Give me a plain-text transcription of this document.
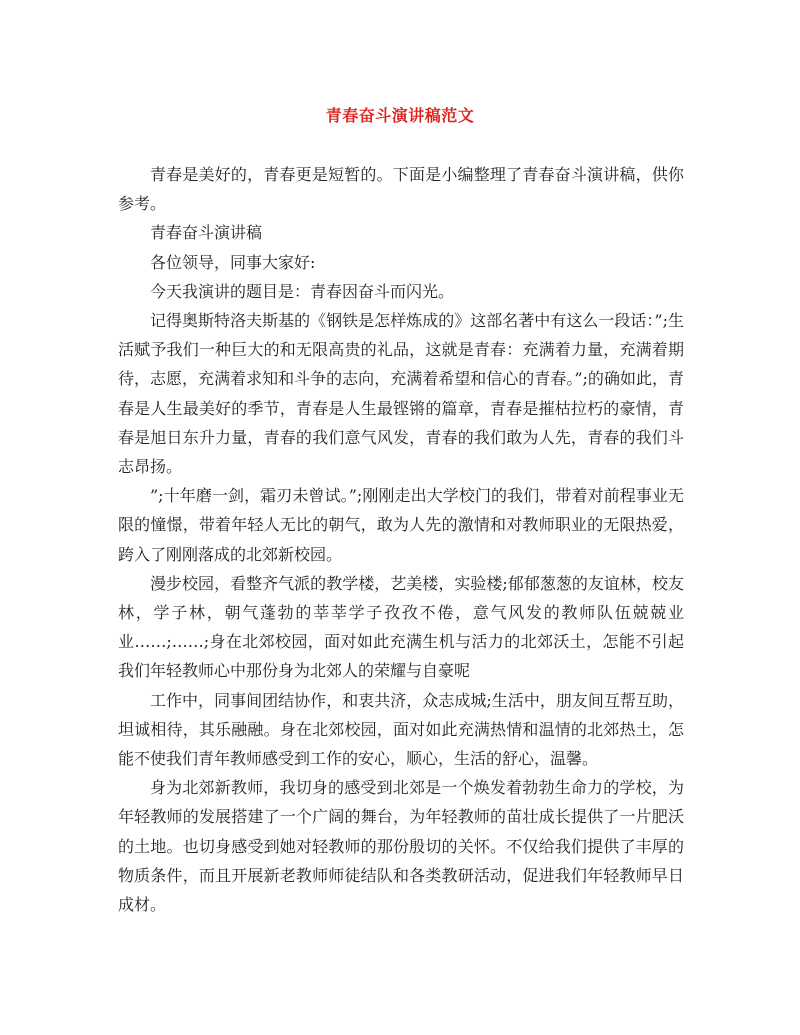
青春奋斗演讲稿范文

青春是美好的，青春更是短暂的。下面是小编整理了青春奋斗演讲稿，供你参考。

青春奋斗演讲稿

各位领导，同事大家好:

今天我演讲的题目是：青春因奋斗而闪光。

记得奥斯特洛夫斯基的《钢铁是怎样炼成的》这部名著中有这么一段话：”;生活赋予我们一种巨大的和无限高贵的礼品，这就是青春：充满着力量，充满着期待，志愿，充满着求知和斗争的志向，充满着希望和信心的青春。”;的确如此，青春是人生最美好的季节，青春是人生最铿锵的篇章，青春是摧枯拉朽的豪情，青春是旭日东升力量，青春的我们意气风发，青春的我们敢为人先，青春的我们斗志昂扬。

”;十年磨一剑，霜刃未曾试。”;刚刚走出大学校门的我们，带着对前程事业无限的憧憬，带着年轻人无比的朝气，敢为人先的激情和对教师职业的无限热爱，跨入了刚刚落成的北郊新校园。

漫步校园，看整齐气派的教学楼，艺美楼，实验楼;郁郁葱葱的友谊林，校友林，学子林，朝气蓬勃的莘莘学子孜孜不倦，意气风发的教师队伍兢兢业业……;……;身在北郊校园，面对如此充满生机与活力的北郊沃土，怎能不引起我们年轻教师心中那份身为北郊人的荣耀与自豪呢

工作中，同事间团结协作，和衷共济，众志成城;生活中，朋友间互帮互助，坦诚相待，其乐融融。身在北郊校园，面对如此充满热情和温情的北郊热土，怎能不使我们青年教师感受到工作的安心，顺心，生活的舒心，温馨。

身为北郊新教师，我切身的感受到北郊是一个焕发着勃勃生命力的学校，为年轻教师的发展搭建了一个广阔的舞台，为年轻教师的苗壮成长提供了一片肥沃的土地。也切身感受到她对轻教师的那份殷切的关怀。不仅给我们提供了丰厚的物质条件，而且开展新老教师师徒结队和各类教研活动，促进我们年轻教师早日成材。
